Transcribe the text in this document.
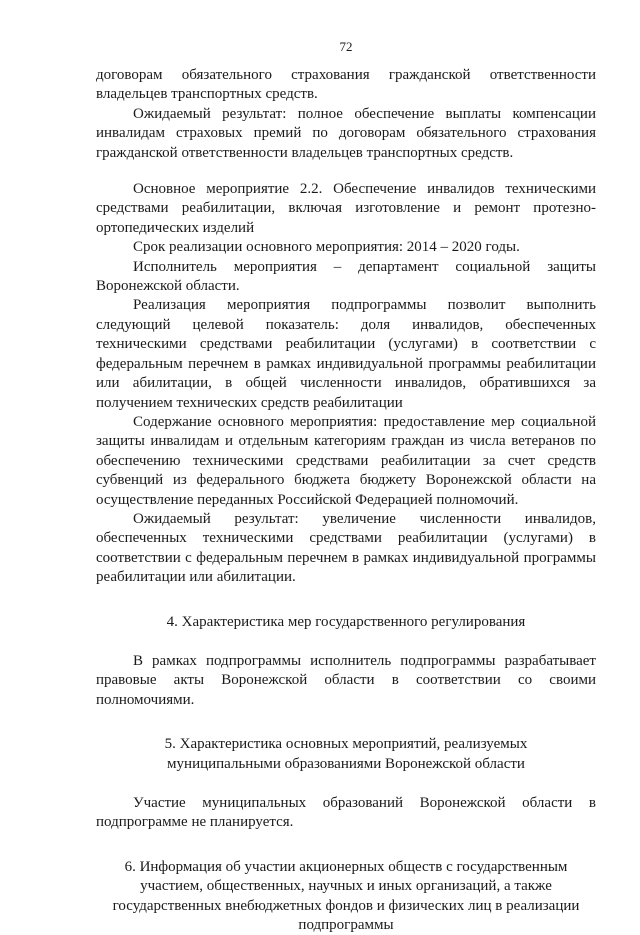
72

договорам обязательного страхования гражданской ответственности владельцев транспортных средств.

Ожидаемый результат: полное обеспечение выплаты компенсации инвалидам страховых премий по договорам обязательного страхования гражданской ответственности владельцев транспортных средств.

Основное мероприятие 2.2. Обеспечение инвалидов техническими средствами реабилитации, включая изготовление и ремонт протезно-ортопедических изделий

Срок реализации основного мероприятия: 2014 – 2020 годы.

Исполнитель мероприятия – департамент социальной защиты Воронежской области.

Реализация мероприятия подпрограммы позволит выполнить следующий целевой показатель: доля инвалидов, обеспеченных техническими средствами реабилитации (услугами) в соответствии с федеральным перечнем в рамках индивидуальной программы реабилитации или абилитации, в общей численности инвалидов, обратившихся за получением технических средств реабилитации

Содержание основного мероприятия: предоставление мер социальной защиты инвалидам и отдельным категориям граждан из числа ветеранов по обеспечению техническими средствами реабилитации за счет средств субвенций из федерального бюджета бюджету Воронежской области на осуществление переданных Российской Федерацией полномочий.

Ожидаемый результат: увеличение численности инвалидов, обеспеченных техническими средствами реабилитации (услугами) в соответствии с федеральным перечнем в рамках индивидуальной программы реабилитации или абилитации.

4. Характеристика мер государственного регулирования

В рамках подпрограммы исполнитель подпрограммы разрабатывает правовые акты Воронежской области в соответствии со своими полномочиями.

5. Характеристика основных мероприятий, реализуемых муниципальными образованиями Воронежской области

Участие муниципальных образований Воронежской области в подпрограмме не планируется.

6. Информация об участии акционерных обществ с государственным участием, общественных, научных и иных организаций, а также государственных внебюджетных фондов и физических лиц в реализации подпрограммы
